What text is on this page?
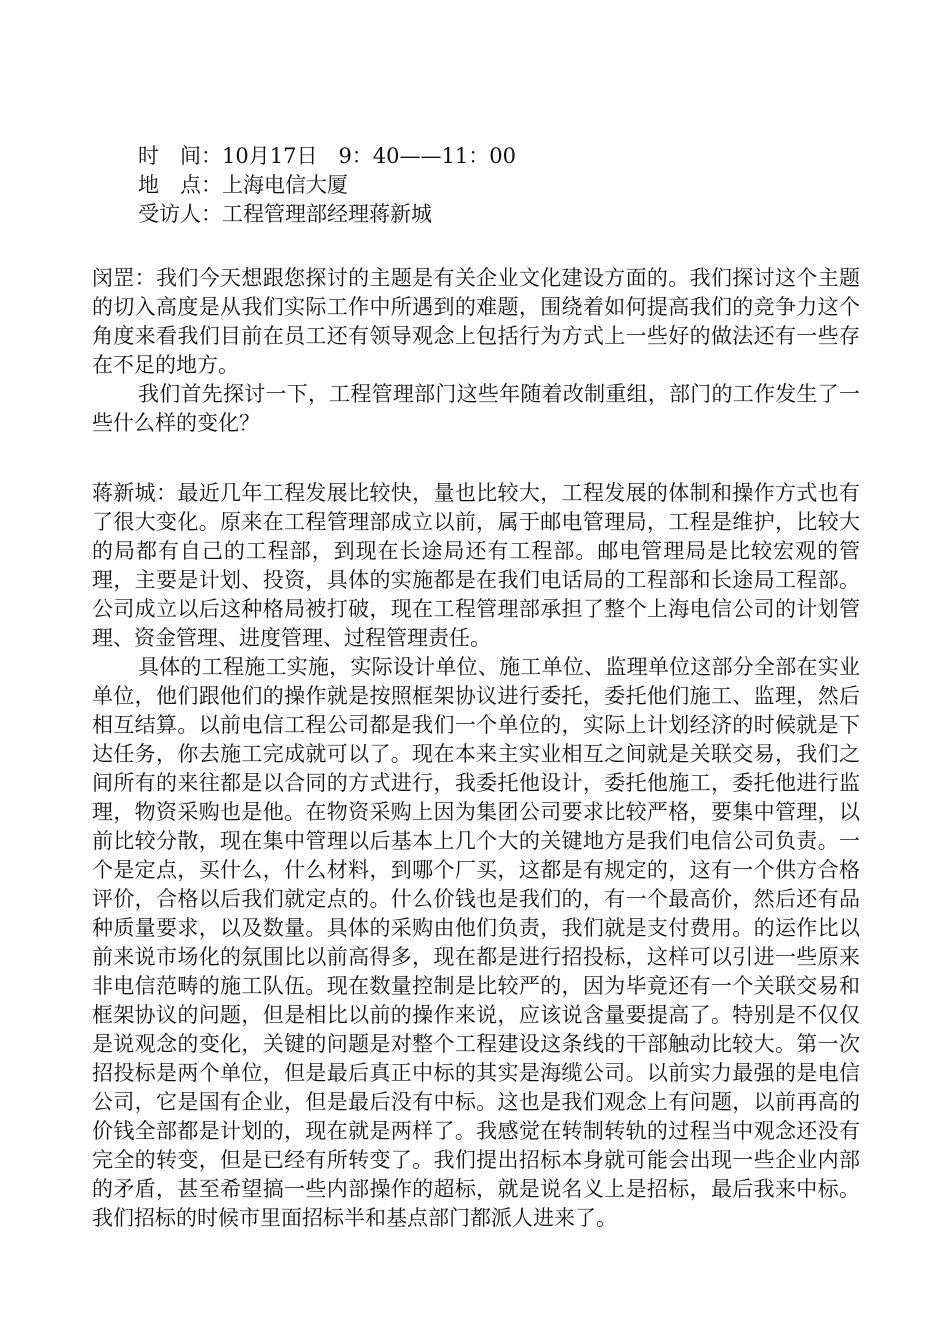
时　间：10月17日　9：40——11：00

地　点：上海电信大厦

受访人：工程管理部经理蒋新城

闵罡：我们今天想跟您探讨的主题是有关企业文化建设方面的。我们探讨这个主题的切入高度是从我们实际工作中所遇到的难题，围绕着如何提高我们的竞争力这个角度来看我们目前在员工还有领导观念上包括行为方式上一些好的做法还有一些存在不足的地方。

我们首先探讨一下，工程管理部门这些年随着改制重组，部门的工作发生了一些什么样的变化？

蒋新城：最近几年工程发展比较快，量也比较大，工程发展的体制和操作方式也有了很大变化。原来在工程管理部成立以前，属于邮电管理局，工程是维护，比较大的局都有自己的工程部，到现在长途局还有工程部。邮电管理局是比较宏观的管理，主要是计划、投资，具体的实施都是在我们电话局的工程部和长途局工程部。公司成立以后这种格局被打破，现在工程管理部承担了整个上海电信公司的计划管理、资金管理、进度管理、过程管理责任。

具体的工程施工实施，实际设计单位、施工单位、监理单位这部分全部在实业单位，他们跟他们的操作就是按照框架协议进行委托，委托他们施工、监理，然后相互结算。以前电信工程公司都是我们一个单位的，实际上计划经济的时候就是下达任务，你去施工完成就可以了。现在本来主实业相互之间就是关联交易，我们之间所有的来往都是以合同的方式进行，我委托他设计，委托他施工，委托他进行监理，物资采购也是他。在物资采购上因为集团公司要求比较严格，要集中管理，以前比较分散，现在集中管理以后基本上几个大的关键地方是我们电信公司负责。一个是定点，买什么，什么材料，到哪个厂买，这都是有规定的，这有一个供方合格评价，合格以后我们就定点的。什么价钱也是我们的，有一个最高价，然后还有品种质量要求，以及数量。具体的采购由他们负责，我们就是支付费用。的运作比以前来说市场化的氛围比以前高得多，现在都是进行招投标，这样可以引进一些原来非电信范畴的施工队伍。现在数量控制是比较严的，因为毕竟还有一个关联交易和框架协议的问题，但是相比以前的操作来说，应该说含量要提高了。特别是不仅仅是说观念的变化，关键的问题是对整个工程建设这条线的干部触动比较大。第一次招投标是两个单位，但是最后真正中标的其实是海缆公司。以前实力最强的是电信公司，它是国有企业，但是最后没有中标。这也是我们观念上有问题，以前再高的价钱全部都是计划的，现在就是两样了。我感觉在转制转轨的过程当中观念还没有完全的转变，但是已经有所转变了。我们提出招标本身就可能会出现一些企业内部的矛盾，甚至希望搞一些内部操作的超标，就是说名义上是招标，最后我来中标。我们招标的时候市里面招标半和基点部门都派人进来了。
